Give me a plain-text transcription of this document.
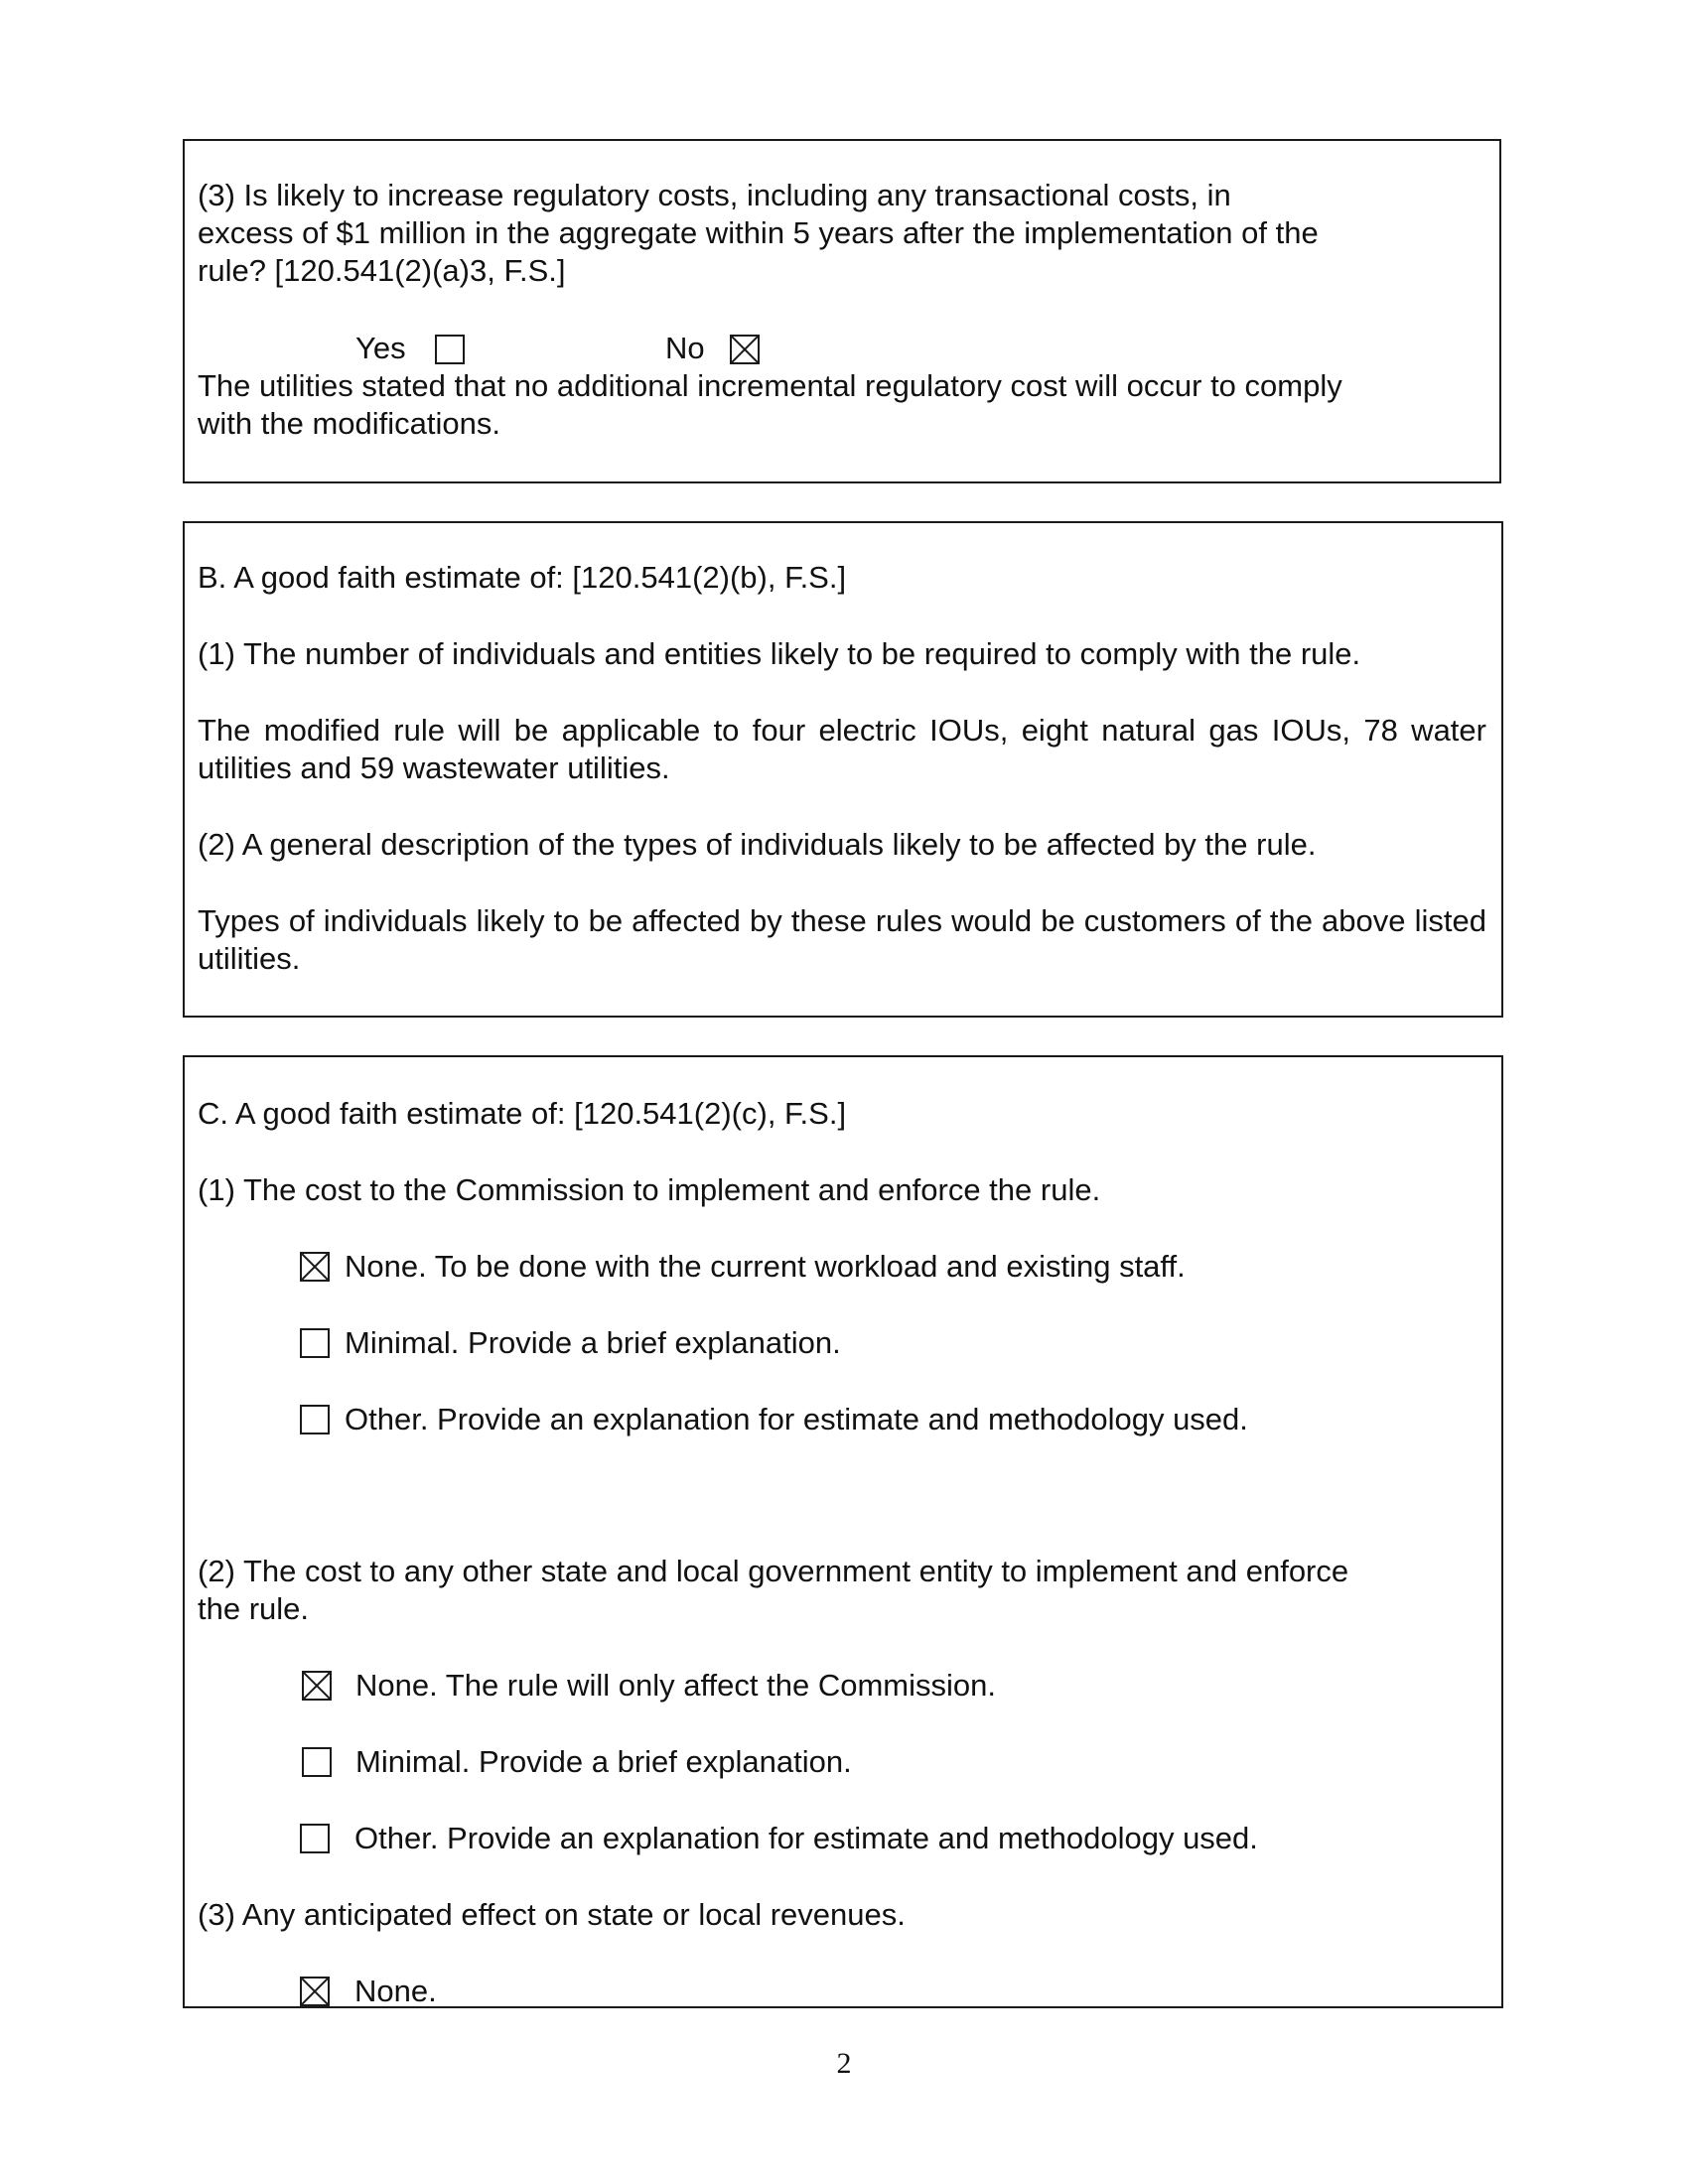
(3) Is likely to increase regulatory costs, including any transactional costs, in

excess of $1 million in the aggregate within 5 years after the implementation of the

rule? [120.541(2)(a)3, F.S.]

Yes	No

The utilities stated that no additional incremental regulatory cost will occur to comply

with the modifications.

B. A good faith estimate of: [120.541(2)(b), F.S.]

(1) The number of individuals and entities likely to be required to comply with the rule.

The modified rule will be applicable to four electric IOUs, eight natural gas IOUs, 78 water utilities and 59 wastewater utilities.

(2) A general description of the types of individuals likely to be affected by the rule.

Types of individuals likely to be affected by these rules would be customers of the above listed utilities.

C. A good faith estimate of: [120.541(2)(c), F.S.]

(1) The cost to the Commission to implement and enforce the rule.

None. To be done with the current workload and existing staff.

Minimal. Provide a brief explanation.

Other. Provide an explanation for estimate and methodology used.

(2) The cost to any other state and local government entity to implement and enforce

the rule.

None. The rule will only affect the Commission.

Minimal. Provide a brief explanation.

Other. Provide an explanation for estimate and methodology used.

(3) Any anticipated effect on state or local revenues.

None.

2
